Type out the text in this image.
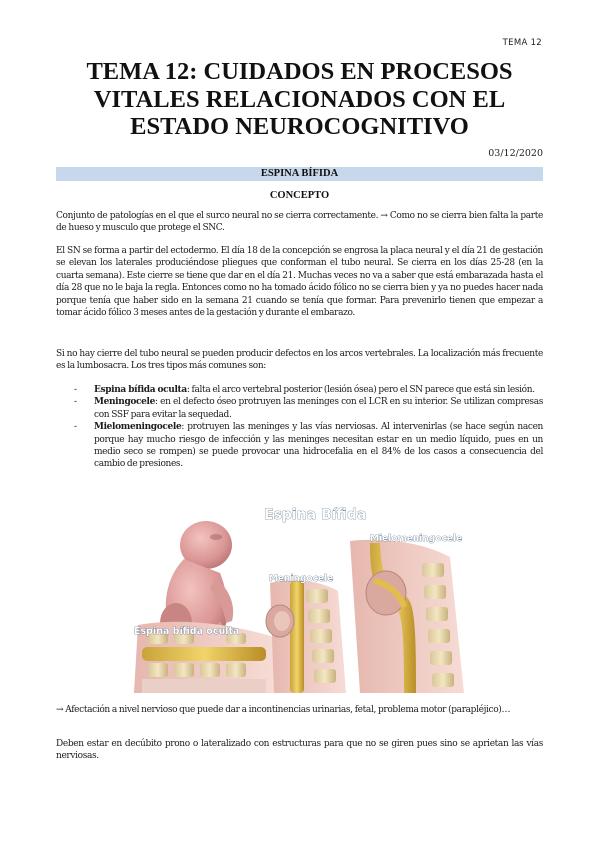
TEMA 12
TEMA 12: CUIDADOS EN PROCESOS VITALES RELACIONADOS CON EL ESTADO NEUROCOGNITIVO
03/12/2020
ESPINA BÍFIDA
CONCEPTO

Conjunto de patologías en el que el surco neural no se cierra correctamente. → Como no se cierra bien falta la parte de hueso y musculo que protege el SNC.

El SN se forma a partir del ectodermo. El día 18 de la concepción se engrosa la placa neural y el día 21 de gestación se elevan los laterales produciéndose pliegues que conforman el tubo neural. Se cierra en los días 25-28 (en la cuarta semana). Este cierre se tiene que dar en el día 21. Muchas veces no va a saber que está embarazada hasta el día 28 que no le baja la regla. Entonces como no ha tomado ácido fólico no se cierra bien y ya no puedes hacer nada porque tenía que haber sido en la semana 21 cuando se tenía que formar. Para prevenirlo tienen que empezar a tomar ácido fólico 3 meses antes de la gestación y durante el embarazo.

Si no hay cierre del tubo neural se pueden producir defectos en los arcos vertebrales. La localización más frecuente es la lumbosacra. Los tres tipos más comunes son:

- Espina bífida oculta: falta el arco vertebral posterior (lesión ósea) pero el SN parece que está sin lesión.
- Meningocele: en el defecto óseo protruyen las meninges con el LCR en su interior. Se utilizan compresas con SSF para evitar la sequedad.
- Mielomeningocele: protruyen las meninges y las vías nerviosas. Al intervenirlas (se hace según nacen porque hay mucho riesgo de infección y las meninges necesitan estar en un medio líquido, pues en un medio seco se rompen) se puede provocar una hidrocefalia en el 84% de los casos a consecuencia del cambio de presiones.
Espina bífida oculta
Meningocele
Mielomeningocele
Espina Bífida

→ Afectación a nivel nervioso que puede dar a incontinencias urinarias, fetal, problema motor (parapléjico)…

Deben estar en decúbito prono o lateralizado con estructuras para que no se giren pues sino se aprietan las vías nerviosas.
